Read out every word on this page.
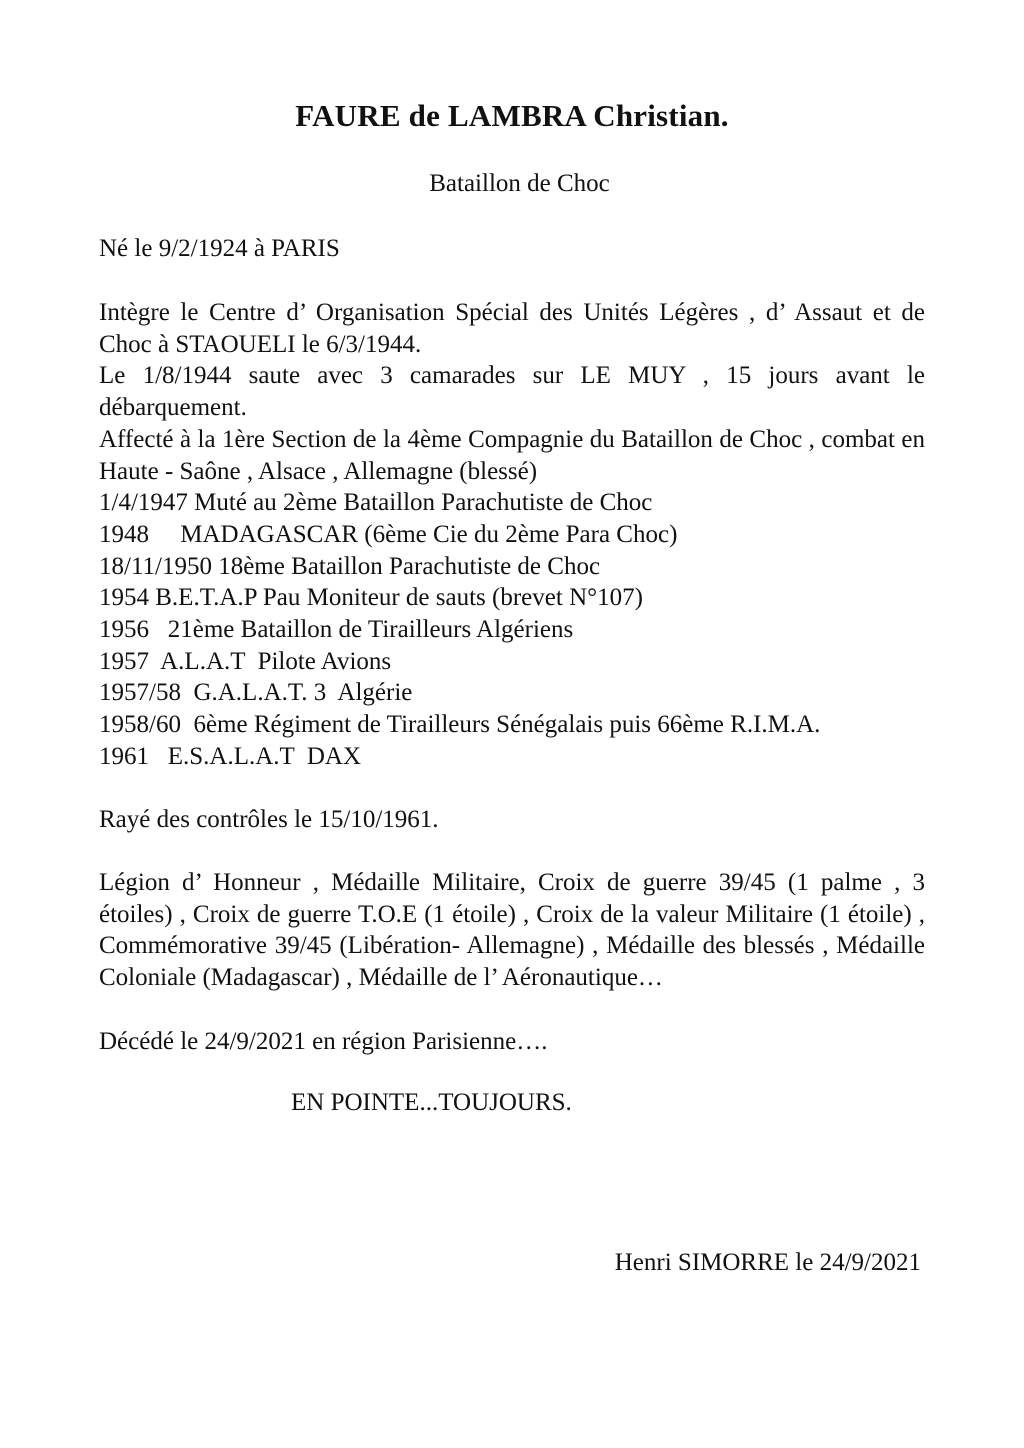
FAURE de LAMBRA Christian.
Bataillon de Choc
Né le 9/2/1924 à PARIS
Intègre le Centre d’ Organisation Spécial des Unités Légères , d’ Assaut et de Choc à STAOUELI le 6/3/1944.
Le 1/8/1944 saute avec 3 camarades sur LE MUY , 15 jours avant le débarquement.
Affecté à la 1ère Section de la 4ème Compagnie du Bataillon de Choc , combat en Haute - Saône , Alsace , Allemagne (blessé)
1/4/1947 Muté au 2ème Bataillon Parachutiste de Choc
1948     MADAGASCAR (6ème Cie du 2ème Para Choc)
18/11/1950 18ème Bataillon Parachutiste de Choc
1954 B.E.T.A.P Pau Moniteur de sauts (brevet N°107)
1956   21ème Bataillon de Tirailleurs Algériens
1957  A.L.A.T  Pilote Avions
1957/58  G.A.L.A.T. 3  Algérie
1958/60  6ème Régiment de Tirailleurs Sénégalais puis 66ème R.I.M.A.
1961   E.S.A.L.A.T  DAX
Rayé des contrôles le 15/10/1961.
Légion d’ Honneur , Médaille Militaire, Croix de guerre 39/45 (1 palme , 3 étoiles) , Croix de guerre T.O.E (1 étoile) , Croix de la valeur Militaire (1 étoile) , Commémorative 39/45 (Libération- Allemagne) , Médaille des blessés , Médaille Coloniale (Madagascar) , Médaille de l’ Aéronautique…
Décédé le 24/9/2021 en région Parisienne….
EN POINTE...TOUJOURS.
Henri SIMORRE le 24/9/2021
